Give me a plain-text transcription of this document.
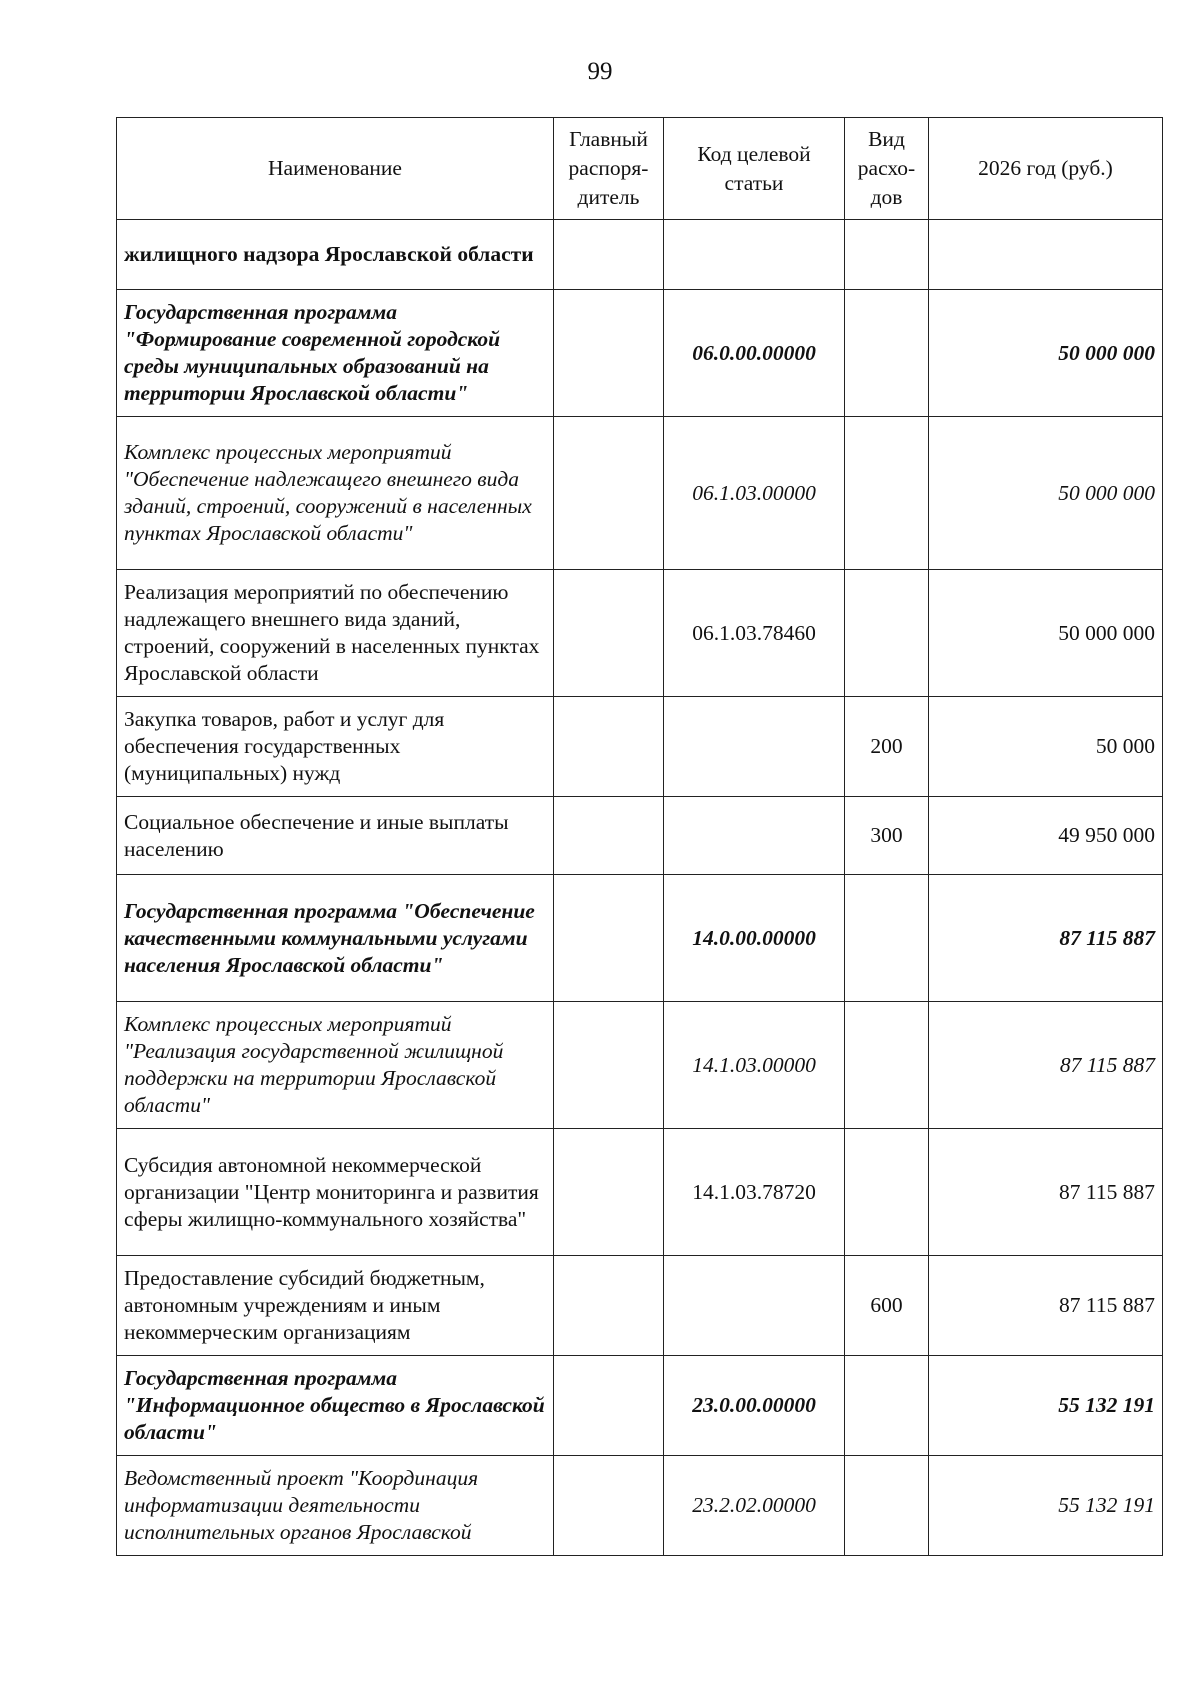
99
Наименование	Главный распоря-дитель	Код целевой статьи	Вид расхо-дов	2026 год (руб.)
жилищного надзора Ярославской области				
Государственная программа "Формирование современной городской среды муниципальных образований на территории Ярославской области"		06.0.00.00000		50 000 000
Комплекс процессных мероприятий "Обеспечение надлежащего внешнего вида зданий, строений, сооружений в населенных пунктах Ярославской области"		06.1.03.00000		50 000 000
Реализация мероприятий по обеспечению надлежащего внешнего вида зданий, строений, сооружений в населенных пунктах Ярославской области		06.1.03.78460		50 000 000
Закупка товаров, работ и услуг для обеспечения государственных (муниципальных) нужд			200	50 000
Социальное обеспечение и иные выплаты населению			300	49 950 000
Государственная программа "Обеспечение качественными коммунальными услугами населения Ярославской области"		14.0.00.00000		87 115 887
Комплекс процессных мероприятий "Реализация государственной жилищной поддержки на территории Ярославской области"		14.1.03.00000		87 115 887
Субсидия автономной некоммерческой организации "Центр мониторинга и развития сферы жилищно-коммунального хозяйства"		14.1.03.78720		87 115 887
Предоставление субсидий бюджетным, автономным учреждениям и иным некоммерческим организациям			600	87 115 887
Государственная программа "Информационное общество в Ярославской области"		23.0.00.00000		55 132 191
Ведомственный проект "Координация информатизации деятельности исполнительных органов Ярославской		23.2.02.00000		55 132 191
